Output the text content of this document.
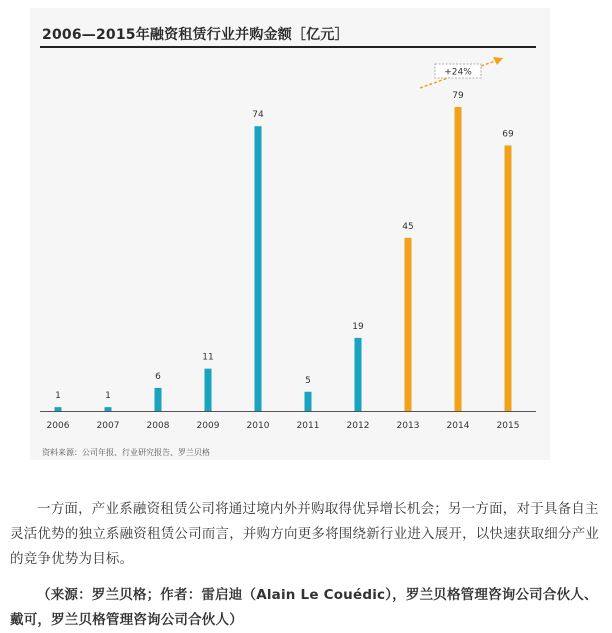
2006—2015年融资租赁行业并购金额［亿元］
1
2006
1
2007
6
2008
11
2009
74
2010
5
2011
19
2012
45
2013
79
2014
69
2015
+24%
资料来源：公司年报、行业研究报告、罗兰贝格
一方面，产业系融资租赁公司将通过境内外并购取得优异增长机会；另一方面，对于具备自主灵活优势的独立系融资租赁公司而言，并购方向更多将围绕新行业进入展开，以快速获取细分产业的竞争优势为目标。
（来源：罗兰贝格；作者：雷启迪（Alain Le Couédic），罗兰贝格管理咨询公司合伙人、戴可，罗兰贝格管理咨询公司合伙人）
